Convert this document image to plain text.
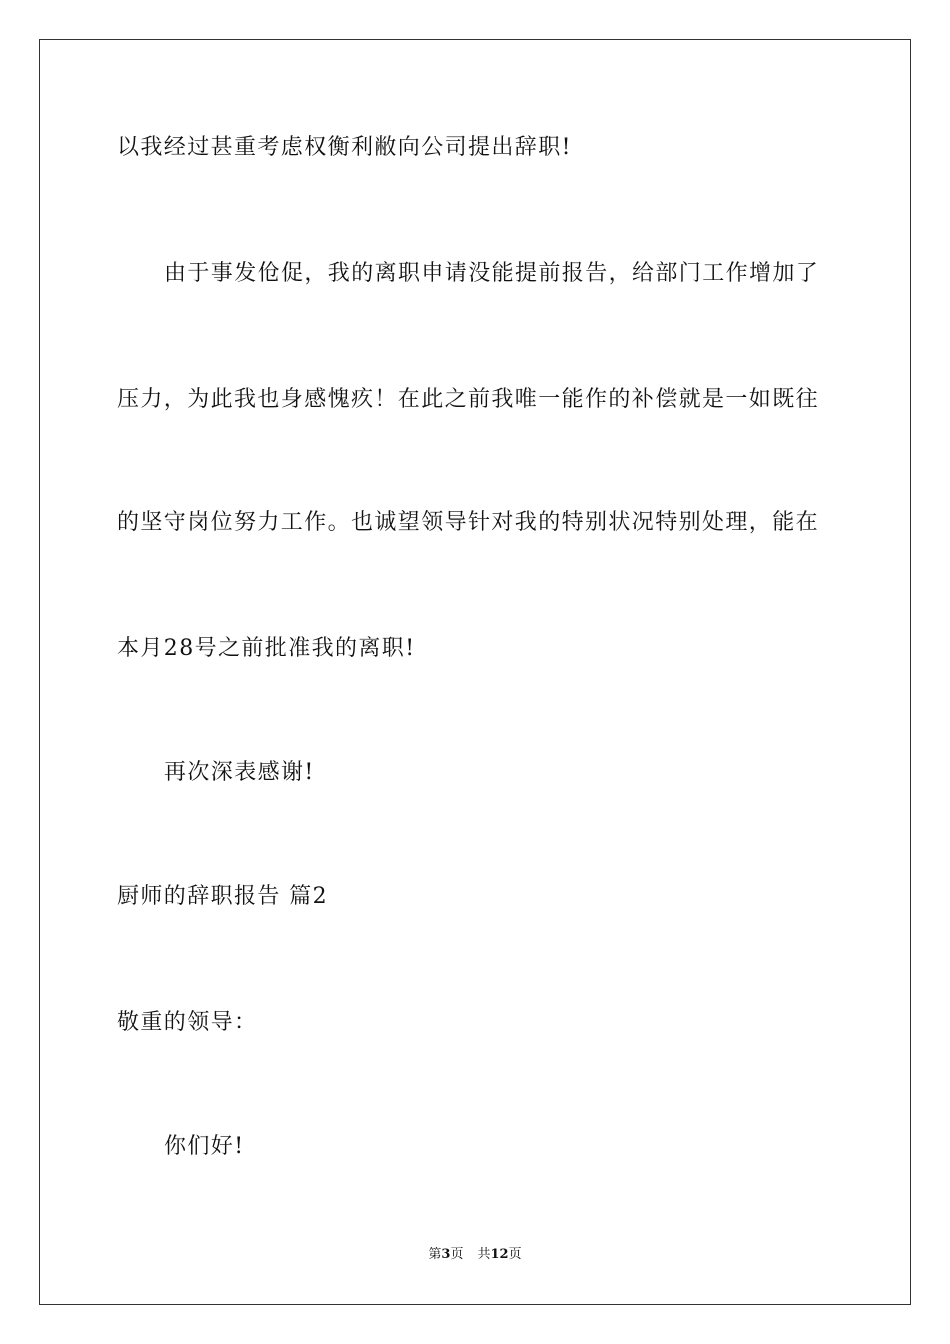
以我经过甚重考虑权衡利敝向公司提出辞职!
由于事发伧促，我的离职申请没能提前报告，给部门工作增加了
压力，为此我也身感愧疚！在此之前我唯一能作的补偿就是一如既往
的坚守岗位努力工作。也诚望领导针对我的特别状况特别处理，能在
本月28号之前批准我的离职!
再次深表感谢!
厨师的辞职报告 篇2
敬重的领导：
你们好!
第3页 共12页
